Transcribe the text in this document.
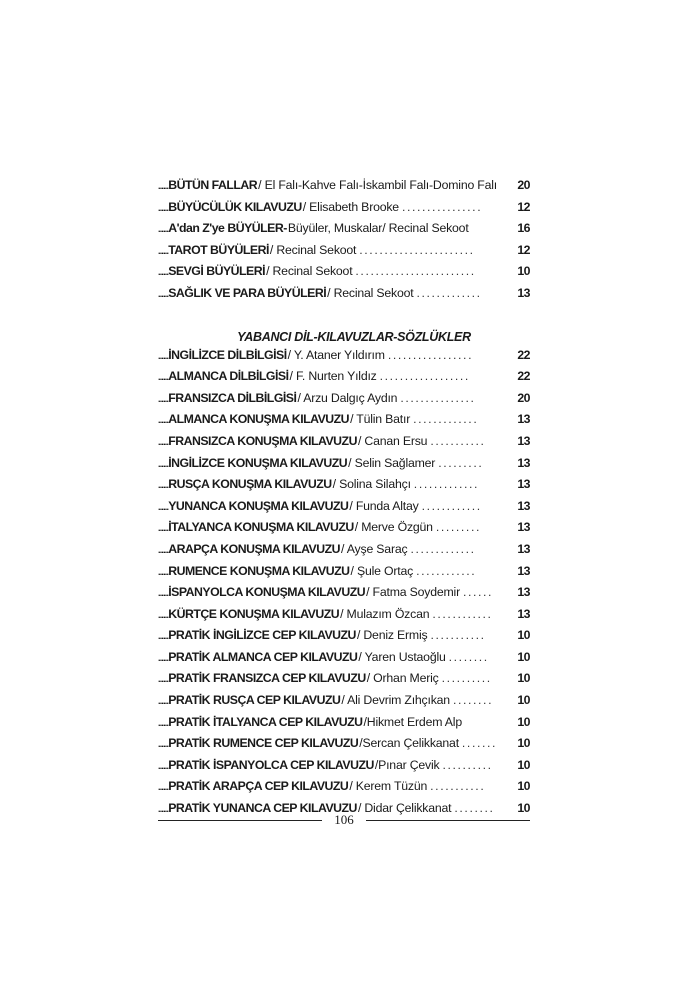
...... BÜTÜN FALLAR / El Falı-Kahve Falı-İskambil Falı-Domino Falı 20
...... BÜYÜCÜLÜK KILAVUZU / Elisabeth Brooke ................	12
...... A'dan Z'ye BÜYÜLER- Büyüler, Muskalar/ Recinal Sekoot	16
...... TAROT BÜYÜLERİ / Recinal Sekoot .......................	12
...... SEVGİ BÜYÜLERİ / Recinal Sekoot ........................	10
...... SAĞLIK VE PARA BÜYÜLERİ / Recinal Sekoot .............	13
YABANCI DİL-KILAVUZLAR-SÖZLÜKLER
...... İNGİLİZCE DİLBİLGİSİ / Y. Ataner Yıldırım .................	22
...... ALMANCA DİLBİLGİSİ / F. Nurten Yıldız ..................	22
...... FRANSIZCA DİLBİLGİSİ / Arzu Dalgıç Aydın ...............	20
...... ALMANCA KONUŞMA KILAVUZU / Tülin Batır .............	13
...... FRANSIZCA KONUŞMA KILAVUZU / Canan Ersu ...........	13
...... İNGİLİZCE KONUŞMA KILAVUZU / Selin Sağlamer .........	13
...... RUSÇA KONUŞMA KILAVUZU / Solina Silahçı .............	13
...... YUNANCA KONUŞMA KILAVUZU / Funda Altay ............	13
...... İTALYANCA KONUŞMA KILAVUZU / Merve Özgün .........	13
...... ARAPÇA KONUŞMA KILAVUZU / Ayşe Saraç .............	13
...... RUMENCE KONUŞMA KILAVUZU / Şule Ortaç ............	13
...... İSPANYOLCA KONUŞMA KILAVUZU / Fatma Soydemir ......	13
...... KÜRTÇE KONUŞMA KILAVUZU / Mulazım Özcan ............	13
...... PRATİK İNGİLİZCE CEP KILAVUZU / Deniz Ermiş ...........	10
...... PRATİK ALMANCA CEP KILAVUZU / Yaren Ustaoğlu ........	10
...... PRATİK FRANSIZCA CEP KILAVUZU / Orhan Meriç ..........	10
...... PRATİK RUSÇA CEP KILAVUZU / Ali Devrim Zıhçıkan ........	10
...... PRATİK İTALYANCA CEP KILAVUZU /Hikmet Erdem Alp	10
...... PRATİK RUMENCE CEP KILAVUZU /Sercan Çelikkanat .......	10
...... PRATİK İSPANYOLCA CEP KILAVUZU /Pınar Çevik ..........	10
...... PRATİK ARAPÇA CEP KILAVUZU / Kerem Tüzün ...........	10
...... PRATİK YUNANCA CEP KILAVUZU / Didar Çelikkanat ........	10
106
